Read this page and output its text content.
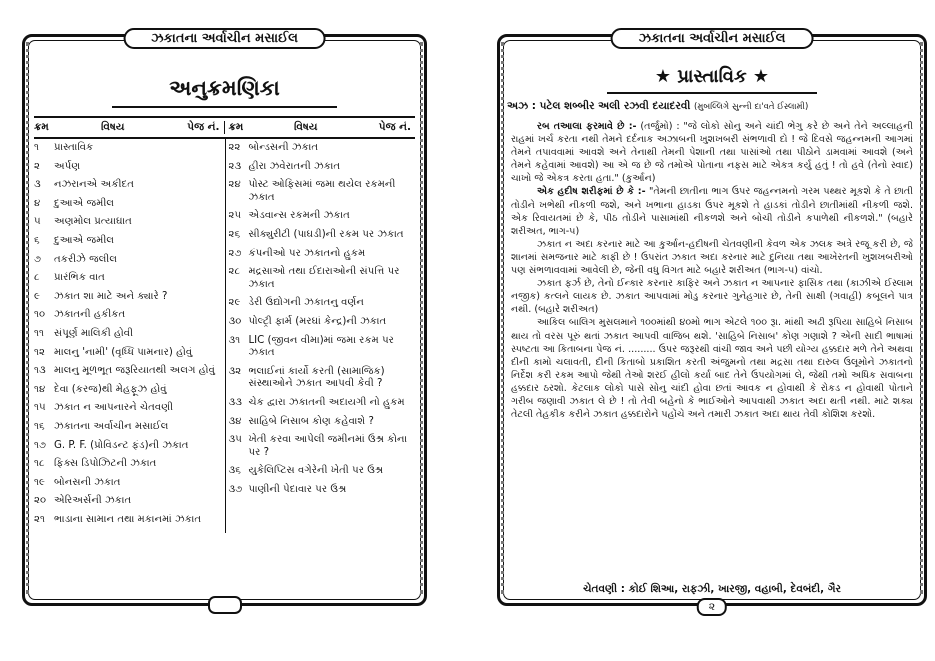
ઝકાતના અર્વાચીન મસાઈલ
અનુક્રમણિકા
ક્રમ	વિષય	પેજ નં. ક્રમ	વિષય	પેજ નં.
૧	પ્રાસ્તાવિક
૨	અર્પણ
૩	નઝરાનએ અકીદત
૪	દુઆએ જમીલ
૫	અણમોલ પ્રત્યાઘાત
૬	દુઆએ જમીલ
૭	તકરીઝે જલીલ
૮	પ્રારંભિક વાત
૯	ઝકાત શા માટે અને ક્યારે ?
૧૦ ઝકાતની હકીકત
૧૧ સંપૂર્ણ માલિકી હોવી
૧૨ માલનુ 'નામી' (વૃધ્ધિ પામનાર) હોવું
૧૩ માલનુ મૂળભૂત જરૂરિયાતથી અલગ હોવું
૧૪ દેવા (કરજ)થી મેહફૂઝ હોવું
૧૫ ઝકાત ન આપનારને ચેતવણી
૧૬ ઝકાતના અર્વાચીન મસાઈલ
૧૭ G. P. F. (પ્રોવિડન્ટ ફંડ)ની ઝકાત
૧૮ ફિક્સ ડિપોઝિટની ઝકાત
૧૯ બોનસની ઝકાત
૨૦ એરિઅર્સની ઝકાત
૨૧ ભાડાના સામાન તથા મકાનમાં ઝકાત
૨૨ બોન્ડસની ઝકાત
૨૩ હીરા ઝવેરાતની ઝકાત
૨૪ પોસ્ટ ઓફિસમાં જમા થયેલ રકમની ઝકાત
૨૫ એડવાન્સ રકમની ઝકાત
૨૬ સીક્યુરીટી (પાઘડી)ની રકમ પર ઝકાત
૨૭ કંપનીઓ પર ઝકાતનો હુકમ
૨૮ મદ્રસાઓ તથા ઈદારાઓની સંપત્તિ પર ઝકાત
૨૯ ડેરી ઉદ્યોગની ઝકાતનુ વર્ણન
૩૦ પોલ્ટ્રી ફાર્મ (મરઘાં કેન્દ્ર)ની ઝકાત
૩૧ LIC (જીવન વીમા)માં જમા રકમ પર ઝકાત
૩૨ ભલાઈનાં કાર્યો કરતી (સામાજિક) સંસ્થાઓને ઝકાત આપવી કેવી ?
૩૩ ચેક દ્વારા ઝકાતની અદાયગી નો હુકમ
૩૪ સાહિબે નિસાબ કોણ કહેવાશે ?
૩૫ ખેતી કરવા આપેલી જમીનમાં ઉશ્ર કોના પર ?
૩૬ યુકેલિપ્ટિસ વગેરેની ખેતી પર ઉશ્ર
૩૭ પાણીની પેદાવાર પર ઉશ્ર
ઝકાતના અર્વાચીન મસાઈલ
★ પ્રાસ્તાવિક ★
અઝ : પટેલ શબ્બીર અલી રઝવી દયાદરવી (મુબલ્લિગે સુન્ની દા'વતે ઈસ્લામી)

રબ તઆલા ફરમાવે છે :- (તર્જુમો) : "જે લોકો સોનુ અને ચાંદી ભેગુ કરે છે અને તેને અલ્લાહની રાહમાં ખર્ચ કરતા નથી તેમને દર્દનાક અઝાબની ખુશખબરી સંભળાવી દો ! જે દિવસે જહન્નમની આગમાં તેમને તપાવવામાં આવશે અને તેનાથી તેમની પેશાની તથા પાસાંઓ તથા પીઠોને ડામવામાં આવશે (અને તેમને કહેવામાં આવશે) આ એ જ છે જે તમોએ પોતાના નફસ માટે એકત્ર કર્યુ હતું ! તો હવે (તેનો સ્વાદ) ચાખો જે એકત્ર કરતા હતા." (કુર્આન)

એક હદીષ શરીફમાં છે કે :- "તેમની છાતીના ભાગ ઉપર જહન્નમનો ગરમ પથ્થર મૂકશે કે તે છાતી તોડીને ખભેથી નીકળી જશે, અને ખભાના હાડકા ઉપર મૂકશે તે હાડકાં તોડીને છાતીમાંથી નીકળી જશે. એક રિવાયતમાં છે કે, પીઠ તોડીને પાસામાંથી નીકળશે અને બોચી તોડીને કપાળેથી નીકળશે." (બહારે શરીઅત, ભાગ-૫)

ઝકાત ન અદા કરનાર માટે આ કુર્આન-હદીષની ચેતવણીની કેવળ એક ઝલક અત્રે રજૂ કરી છે, જે શાનમાં સમજનાર માટે કાફી છે ! ઉપરાંત ઝકાત અદા કરનાર માટે દુનિયા તથા આખેરતની ખુશખબરીઓ પણ સંભળાવવામાં આવેલી છે, જેની વધુ વિગત માટે બહારે શરીઅત (ભાગ-૫) વાંચો.

ઝકાત ફર્ઝ છે, તેનો ઈન્કાર કરનાર કાફિર અને ઝકાત ન આપનાર ફાસિક તથા (કાઝીએ ઈસ્લામ નજીક) કત્લને લાયક છે. ઝકાત આપવામાં મોડુ કરનાર ગુનેહગાર છે, તેની સાક્ષી (ગવાહી) કબૂલને પાત્ર નથી. (બહારે શરીઅત)

આકિલ બાલિગ મુસલમાને ૧૦૦માંથી ૪૦મો ભાગ એટલે ૧૦૦ રૂા. માંથી અઢી રૂપિયા સાહિબે નિસાબ થાય તો વરસ પૂરું થતાં ઝકાત આપવી વાજિબ થશે. 'સાહિબે નિસાબ' કોણ ગણાશે ? એની સાદી ભાષામાં સ્પષ્ટતા આ કિતાબના પેજ નં. ......... ઉપર જરૂરથી વાંચી જાવ અને પછી યોગ્ય હક્કદાર મળે તેને અથવા દીની કામો ચલાવતી, દીની કિતાબો પ્રકાશિત કરતી અંજુમનો તથા મદ્રસા તથા દારુલ ઉલૂમોને ઝકાતનો નિર્દેશ કરી રકમ આપો જેથી તેઓ શરઈ હીલો કર્યા બાદ તેને ઉપયોગમાં લે, જેથી તમો અધિક સવાબના હક્કદાર ઠરશો. કેટલાક લોકો પાસે સોનુ ચાંદી હોવા છતાં આવક ન હોવાથી કે રોકડ ન હોવાથી પોતાને ગરીબ જણાવી ઝકાત લે છે ! તો તેવી બહેનો કે ભાઈઓને આપવાથી ઝકાત અદા થતી નથી. માટે શક્ય તેટલી તેહકીક કરીને ઝકાત હક્કદારોને પહોંચે અને તમારી ઝકાત અદા થાય તેવી કોશિશ કરશો.

ચેતવણી : કોઈ શિઆ, રાફઝી, ખારજી, વહાબી, દેવબંદી, ગૈર
૨
